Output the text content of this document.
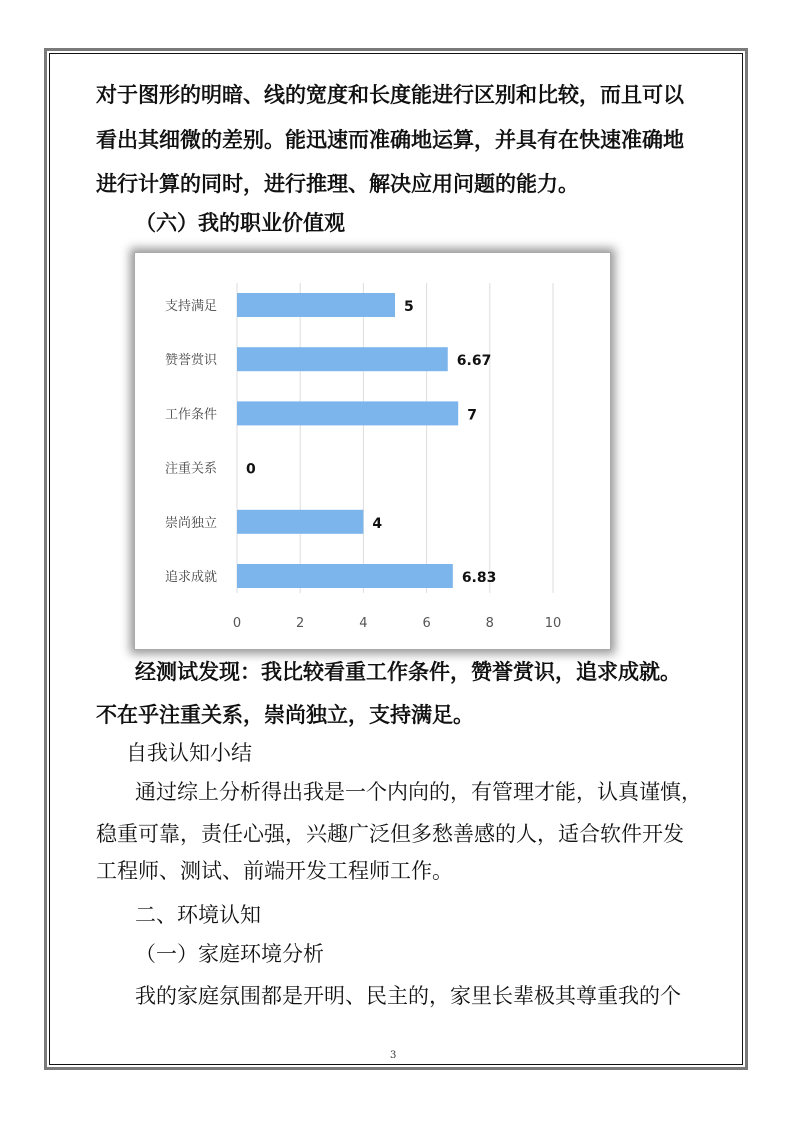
对于图形的明暗、线的宽度和长度能进行区别和比较，而且可以
看出其细微的差别。能迅速而准确地运算，并具有在快速准确地
进行计算的同时，进行推理、解决应用问题的能力。
（六）我的职业价值观
0	2	4	6	8	10
支持满足	5
赞誉赏识	6.67
工作条件	7
注重关系 0
崇尚独立	4
追求成就	6.83
经测试发现：我比较看重工作条件，赞誉赏识，追求成就。
不在乎注重关系，崇尚独立，支持满足。
自我认知小结
通过综上分析得出我是一个内向的，有管理才能，认真谨慎，
稳重可靠，责任心强，兴趣广泛但多愁善感的人，适合软件开发
工程师、测试、前端开发工程师工作。
二、环境认知
（一）家庭环境分析
我的家庭氛围都是开明、民主的，家里长辈极其尊重我的个
3
